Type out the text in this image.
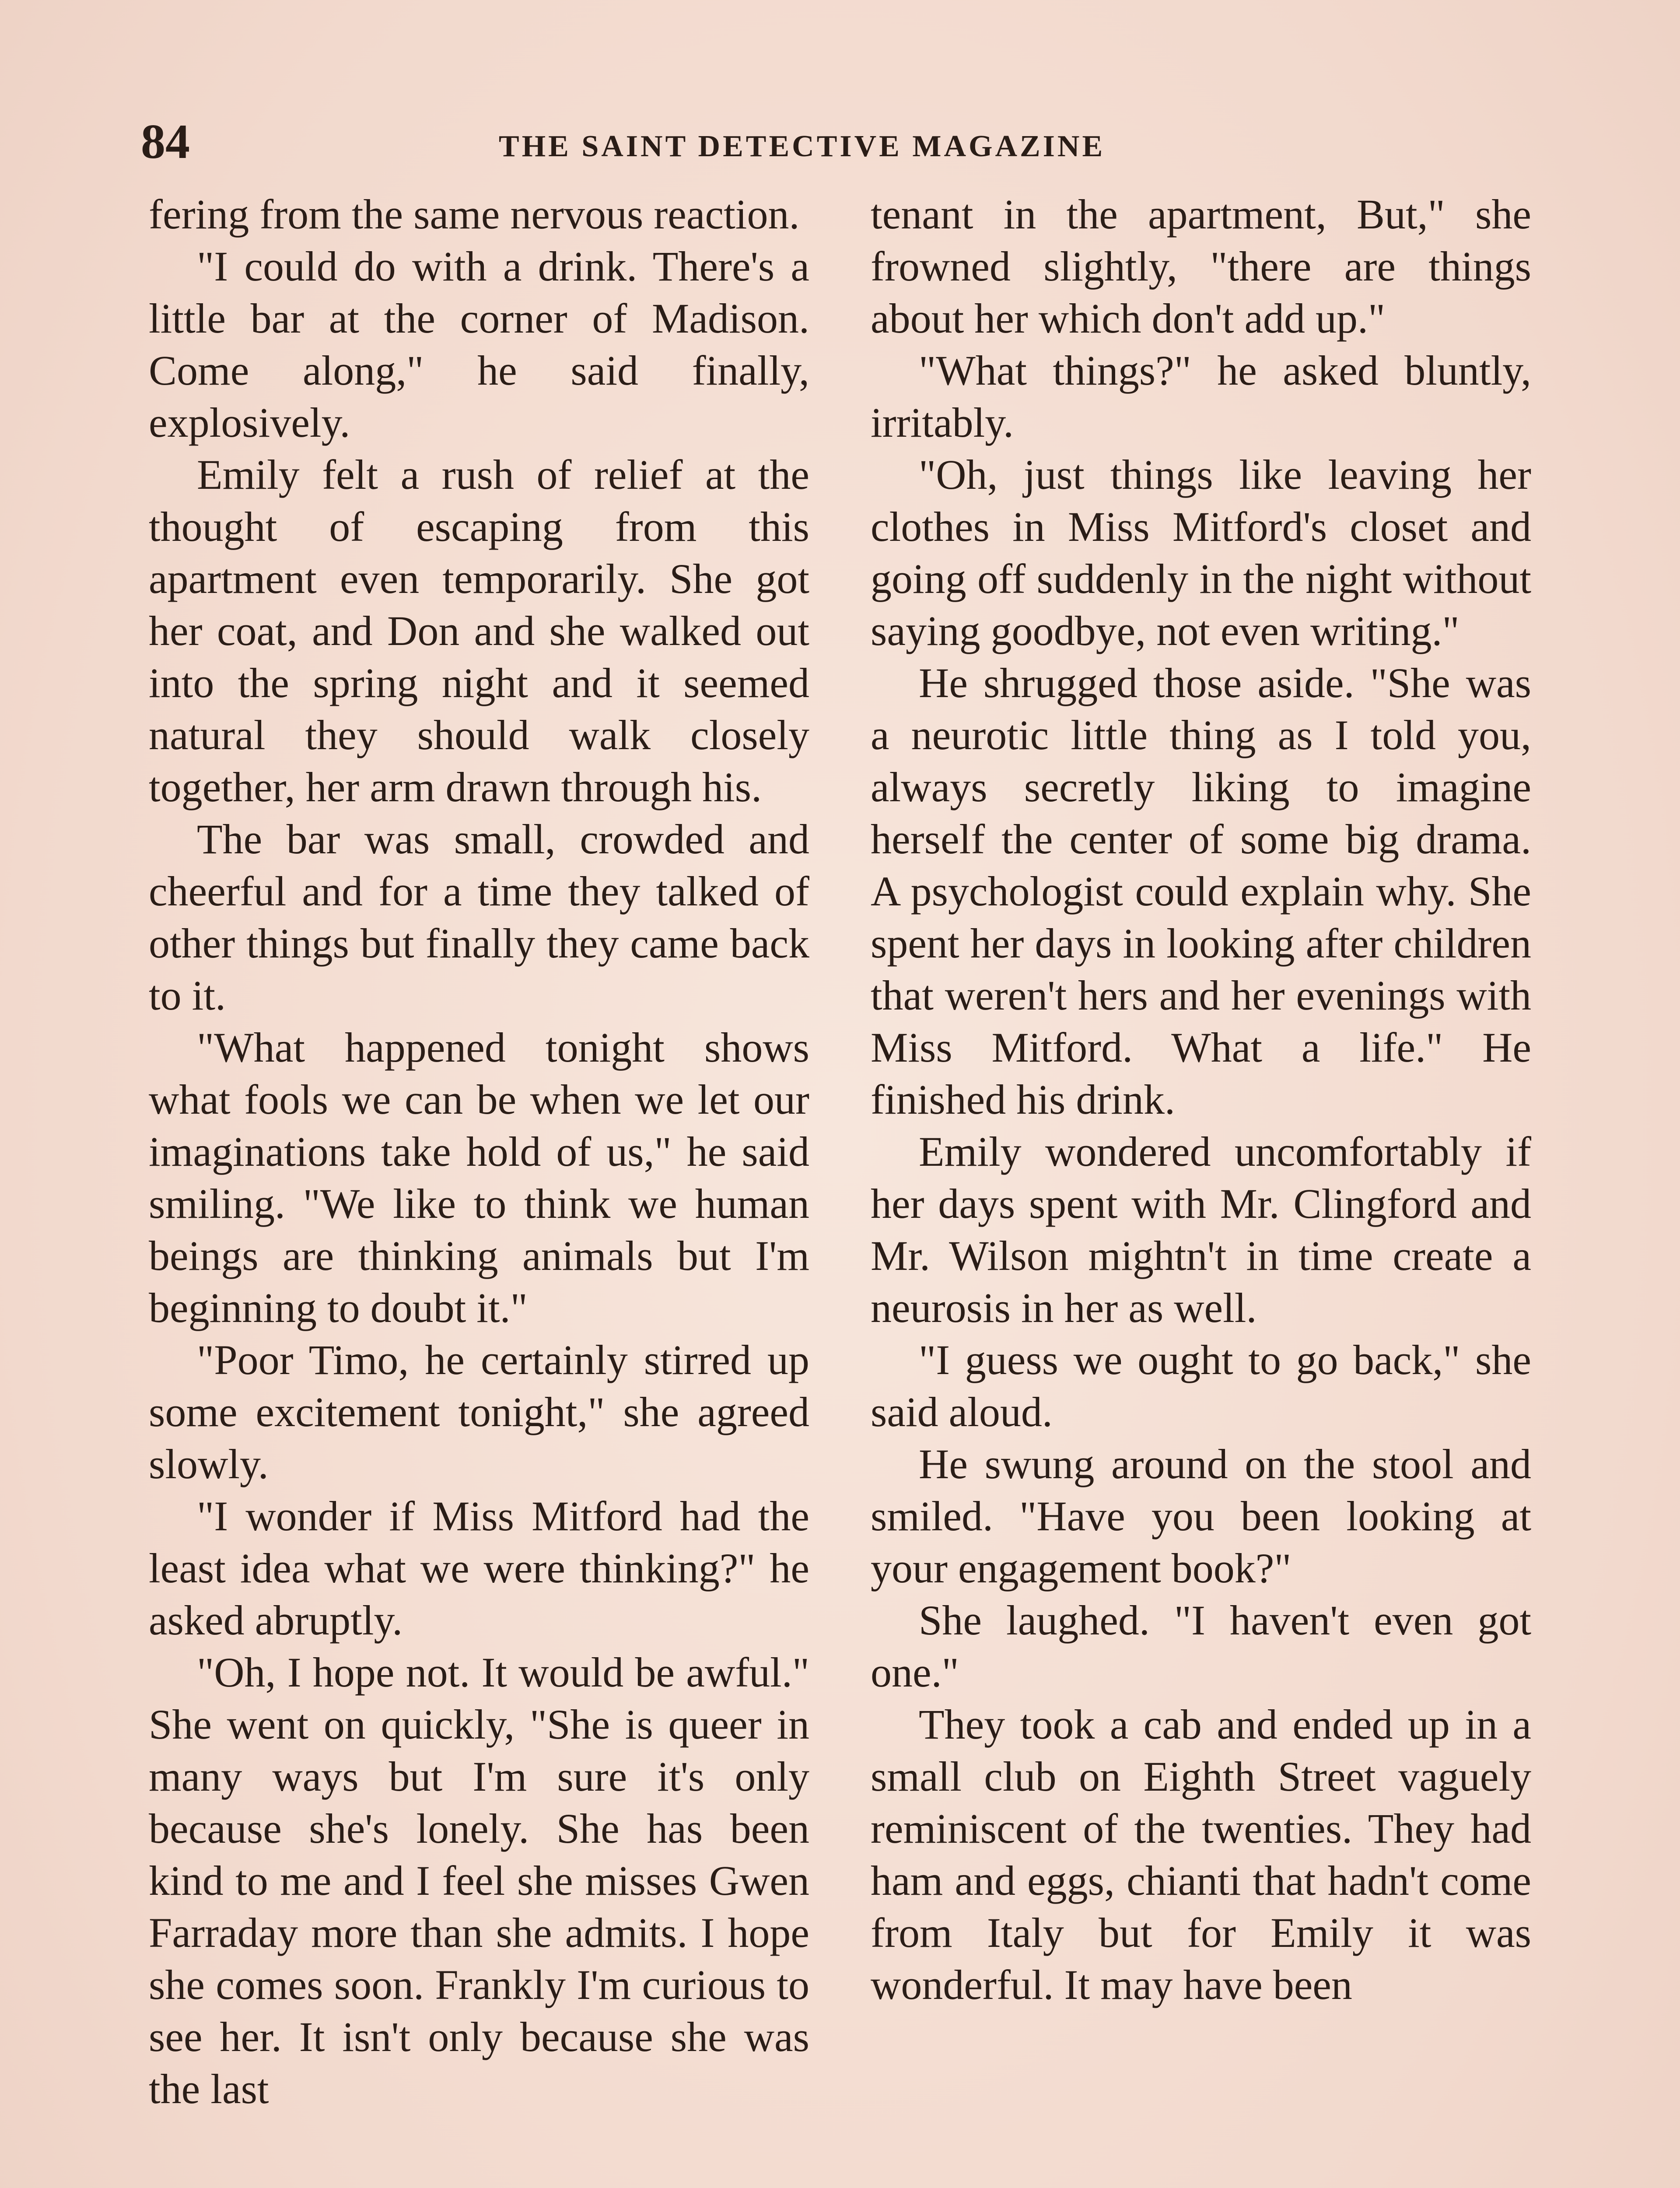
84	THE SAINT DETECTIVE MAGAZINE

fering from the same nervous reaction.

"I could do with a drink. There's a little bar at the corner of Madison. Come along," he said finally, explosively.

Emily felt a rush of relief at the thought of escaping from this apartment even temporarily. She got her coat, and Don and she walked out into the spring night and it seemed natural they should walk closely together, her arm drawn through his.

The bar was small, crowded and cheerful and for a time they talked of other things but finally they came back to it.

"What happened tonight shows what fools we can be when we let our imaginations take hold of us," he said smiling. "We like to think we human beings are thinking animals but I'm beginning to doubt it."

"Poor Timo, he certainly stirred up some excitement tonight," she agreed slowly.

"I wonder if Miss Mitford had the least idea what we were thinking?" he asked abruptly.

"Oh, I hope not. It would be awful." She went on quickly, "She is queer in many ways but I'm sure it's only because she's lonely. She has been kind to me and I feel she misses Gwen Farraday more than she admits. I hope she comes soon. Frankly I'm curious to see her. It isn't only because she was the last

tenant in the apartment, But," she frowned slightly, "there are things about her which don't add up."

"What things?" he asked bluntly, irritably.

"Oh, just things like leaving her clothes in Miss Mitford's closet and going off suddenly in the night without saying goodbye, not even writing."

He shrugged those aside. "She was a neurotic little thing as I told you, always secretly liking to imagine herself the center of some big drama. A psychologist could explain why. She spent her days in looking after children that weren't hers and her evenings with Miss Mitford. What a life." He finished his drink.

Emily wondered uncomfortably if her days spent with Mr. Clingford and Mr. Wilson mightn't in time create a neurosis in her as well.

"I guess we ought to go back," she said aloud.

He swung around on the stool and smiled. "Have you been looking at your engagement book?"

She laughed. "I haven't even got one."

They took a cab and ended up in a small club on Eighth Street vaguely reminiscent of the twenties. They had ham and eggs, chianti that hadn't come from Italy but for Emily it was wonderful. It may have been
